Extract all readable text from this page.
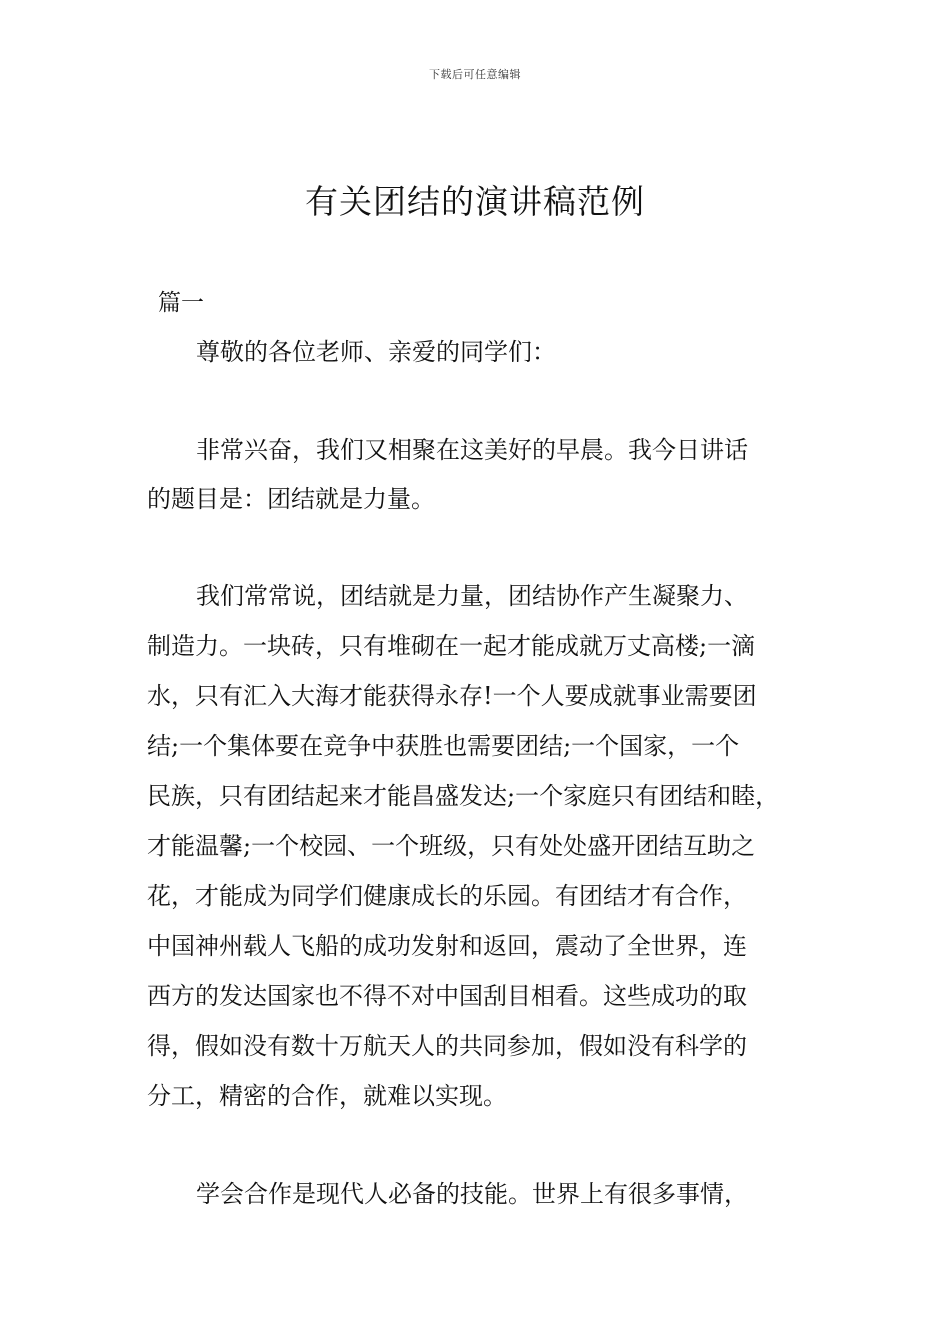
下载后可任意编辑
有关团结的演讲稿范例
篇一
尊敬的各位老师、亲爱的同学们：
非常兴奋，我们又相聚在这美好的早晨。我今日讲话
的题目是：团结就是力量。
我们常常说，团结就是力量，团结协作产生凝聚力、
制造力。一块砖，只有堆砌在一起才能成就万丈高楼;一滴
水，只有汇入大海才能获得永存!一个人要成就事业需要团
结;一个集体要在竞争中获胜也需要团结;一个国家，一个
民族，只有团结起来才能昌盛发达;一个家庭只有团结和睦，
才能温馨;一个校园、一个班级，只有处处盛开团结互助之
花，才能成为同学们健康成长的乐园。有团结才有合作，
中国神州载人飞船的成功发射和返回，震动了全世界，连
西方的发达国家也不得不对中国刮目相看。这些成功的取
得，假如没有数十万航天人的共同参加，假如没有科学的
分工，精密的合作，就难以实现。
学会合作是现代人必备的技能。世界上有很多事情，
